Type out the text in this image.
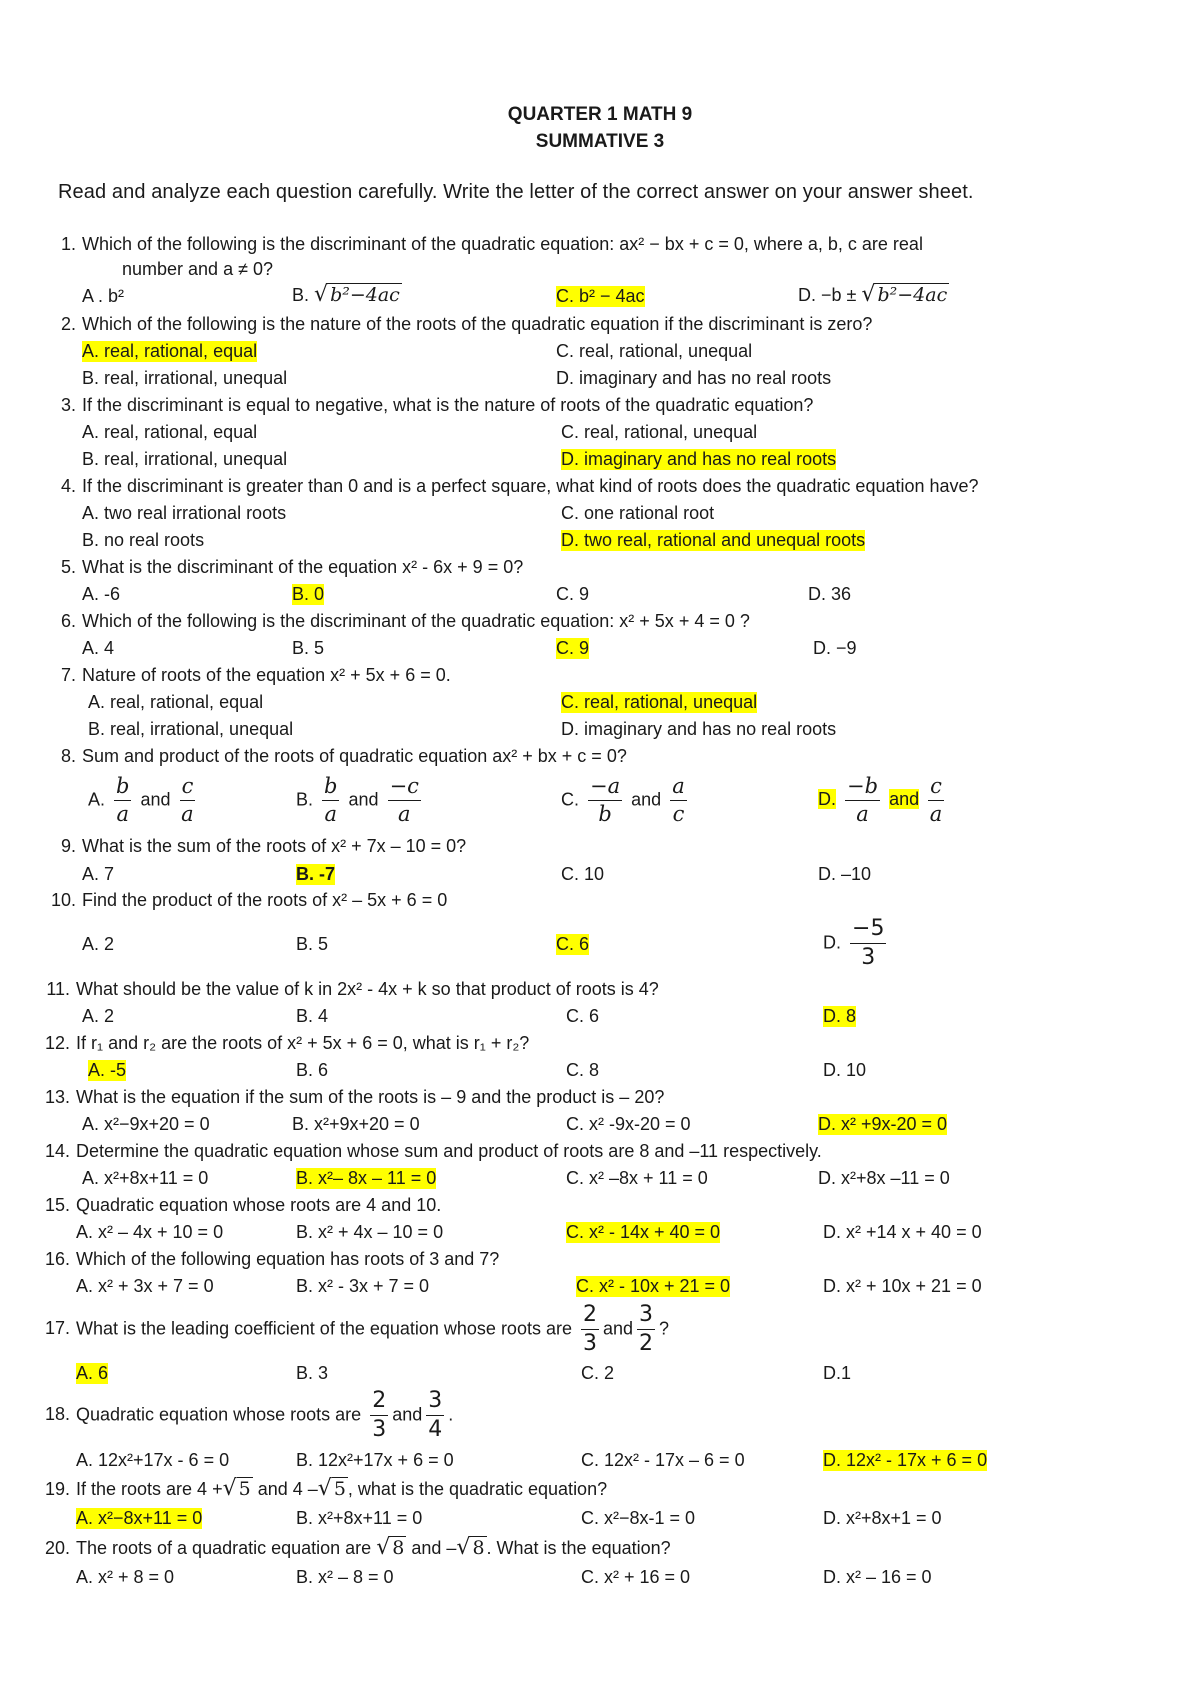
QUARTER 1 MATH 9
SUMMATIVE 3
Read and analyze each question carefully. Write the letter of the correct answer on your answer sheet.
1. Which of the following is the discriminant of the quadratic equation: ax² − bx + c = 0, where a, b, c are real
number and a ≠ 0?
A . b²	B. √ b²−4ac	C. b² − 4ac	D. −b ± √ b²−4ac
2. Which of the following is the nature of the roots of the quadratic equation if the discriminant is zero?
A. real, rational, equal	C. real, rational, unequal
B. real, irrational, unequal	D. imaginary and has no real roots
3. If the discriminant is equal to negative, what is the nature of roots of the quadratic equation?
A. real, rational, equal	C. real, rational, unequal
B. real, irrational, unequal	D. imaginary and has no real roots
4. If the discriminant is greater than 0 and is a perfect square, what kind of roots does the quadratic equation have?
A. two real irrational roots	C. one rational root
B. no real roots	D. two real, rational and unequal roots
5. What is the discriminant of the equation x² - 6x + 9 = 0?
A. -6	B. 0	C. 9	D. 36
6. Which of the following is the discriminant of the quadratic equation: x² + 5x + 4 = 0 ?
A. 4	B. 5	C. 9	D. −9
7. Nature of roots of the equation x² + 5x + 6 = 0.
A. real, rational, equal	C. real, rational, unequal
B. real, irrational, unequal	D. imaginary and has no real roots
8. Sum and product of the roots of quadratic equation ax² + bx + c = 0?
A. $\frac{b}{a}$ and $\frac{c}{a}$	B. $\frac{b}{a}$ and $\frac{-c}{a}$	C. $\frac{-a}{b}$ and $\frac{a}{c}$	D. $\frac{-b}{a}$ and $\frac{c}{a}$
9. What is the sum of the roots of x² + 7x – 10 = 0?
A. 7	B. -7	C. 10	D. –10
10. Find the product of the roots of x² – 5x + 6 = 0
A. 2	B. 5	C. 6	D. $\frac{-5}{3}$
11. What should be the value of k in 2x² - 4x + k so that product of roots is 4?
A. 2	B. 4	C. 6	D. 8
12. If r₁ and r₂ are the roots of x² + 5x + 6 = 0, what is r₁ + r₂?
A. -5	B. 6	C. 8	D. 10
13. What is the equation if the sum of the roots is – 9 and the product is – 20?
A. x²−9x+20 = 0	B. x²+9x+20 = 0	C. x² -9x-20 = 0	D. x² +9x-20 = 0
14. Determine the quadratic equation whose sum and product of roots are 8 and –11 respectively.
A. x²+8x+11 = 0	B. x²– 8x – 11 = 0	C. x² –8x + 11 = 0	D. x²+8x –11 = 0
15. Quadratic equation whose roots are 4 and 10.
A. x² – 4x + 10 = 0	B. x² + 4x – 10 = 0	C. x² - 14x + 40 = 0	D. x² +14 x + 40 = 0
16. Which of the following equation has roots of 3 and 7?
A. x² + 3x + 7 = 0	B. x² - 3x + 7 = 0	C. x² - 10x + 21 = 0	D. x² + 10x + 21 = 0
17. What is the leading coefficient of the equation whose roots are $\frac{2}{3}$ and $\frac{3}{2}$ ?
A. 6	B. 3	C. 2	D.1
18. Quadratic equation whose roots are $\frac{2}{3}$ and $\frac{3}{4}$ .
A. 12x²+17x - 6 = 0	B. 12x²+17x + 6 = 0	C. 12x² - 17x – 6 = 0	D. 12x² - 17x + 6 = 0
19. If the roots are 4 +√ 5 and 4 –√ 5 , what is the quadratic equation?
A. x²−8x+11 = 0	B. x²+8x+11 = 0	C. x²−8x-1 = 0	D. x²+8x+1 = 0
20. The roots of a quadratic equation are √ 8 and –√ 8 . What is the equation?
A. x² + 8 = 0	B. x² – 8 = 0	C. x² + 16 = 0	D. x² – 16 = 0
